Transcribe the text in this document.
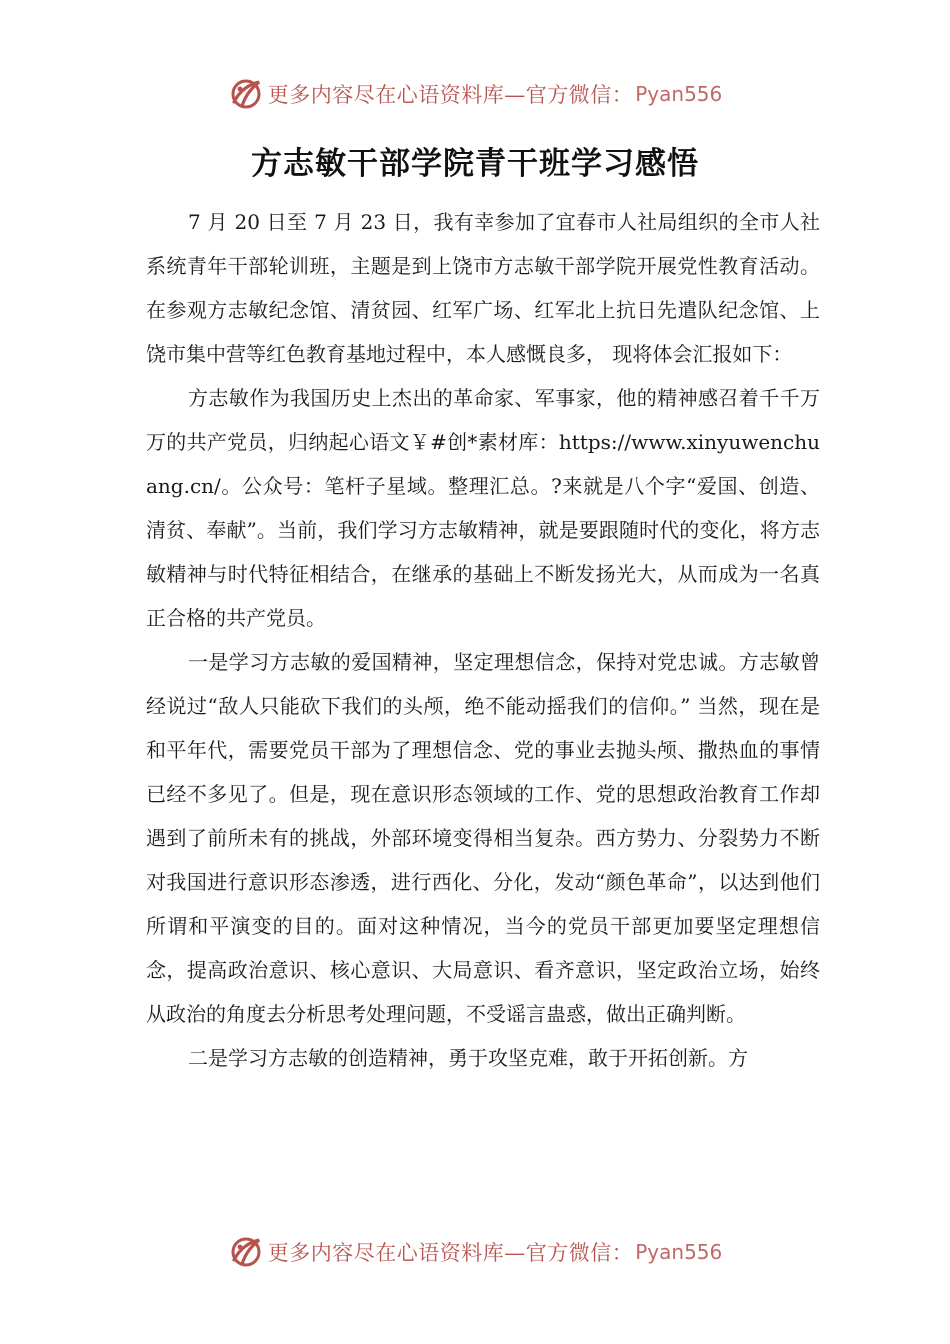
更多内容尽在心语资料库—官方微信： Pyan556
方志敏干部学院青干班学习感悟

7 月 20 日至 7 月 23 日，我有幸参加了宜春市人社局组织的全市人社系统青年干部轮训班，主题是到上饶市方志敏干部学院开展党性教育活动。在参观方志敏纪念馆、清贫园、红军广场、红军北上抗日先遣队纪念馆、上饶市集中营等红色教育基地过程中，本人感慨良多， 现将体会汇报如下：

方志敏作为我国历史上杰出的革命家、军事家，他的精神感召着千千万万的共产党员，归纳起心语文￥#创*素材库：https://www.xinyuwenchuang.cn/。公众号：笔杆子星域。整理汇总。?来就是八个字“爱国、创造、清贫、奉献”。当前，我们学习方志敏精神，就是要跟随时代的变化，将方志敏精神与时代特征相结合，在继承的基础上不断发扬光大，从而成为一名真正合格的共产党员。

一是学习方志敏的爱国精神，坚定理想信念，保持对党忠诚。方志敏曾经说过“敌人只能砍下我们的头颅，绝不能动摇我们的信仰。” 当然，现在是和平年代，需要党员干部为了理想信念、党的事业去抛头颅、撒热血的事情已经不多见了。但是，现在意识形态领域的工作、党的思想政治教育工作却遇到了前所未有的挑战，外部环境变得相当复杂。西方势力、分裂势力不断对我国进行意识形态渗透，进行西化、分化，发动“颜色革命”，以达到他们所谓和平演变的目的。面对这种情况，当今的党员干部更加要坚定理想信念，提高政治意识、核心意识、大局意识、看齐意识，坚定政治立场，始终从政治的角度去分析思考处理问题，不受谣言蛊惑，做出正确判断。

二是学习方志敏的创造精神，勇于攻坚克难，敢于开拓创新。方

更多内容尽在心语资料库—官方微信： Pyan556
